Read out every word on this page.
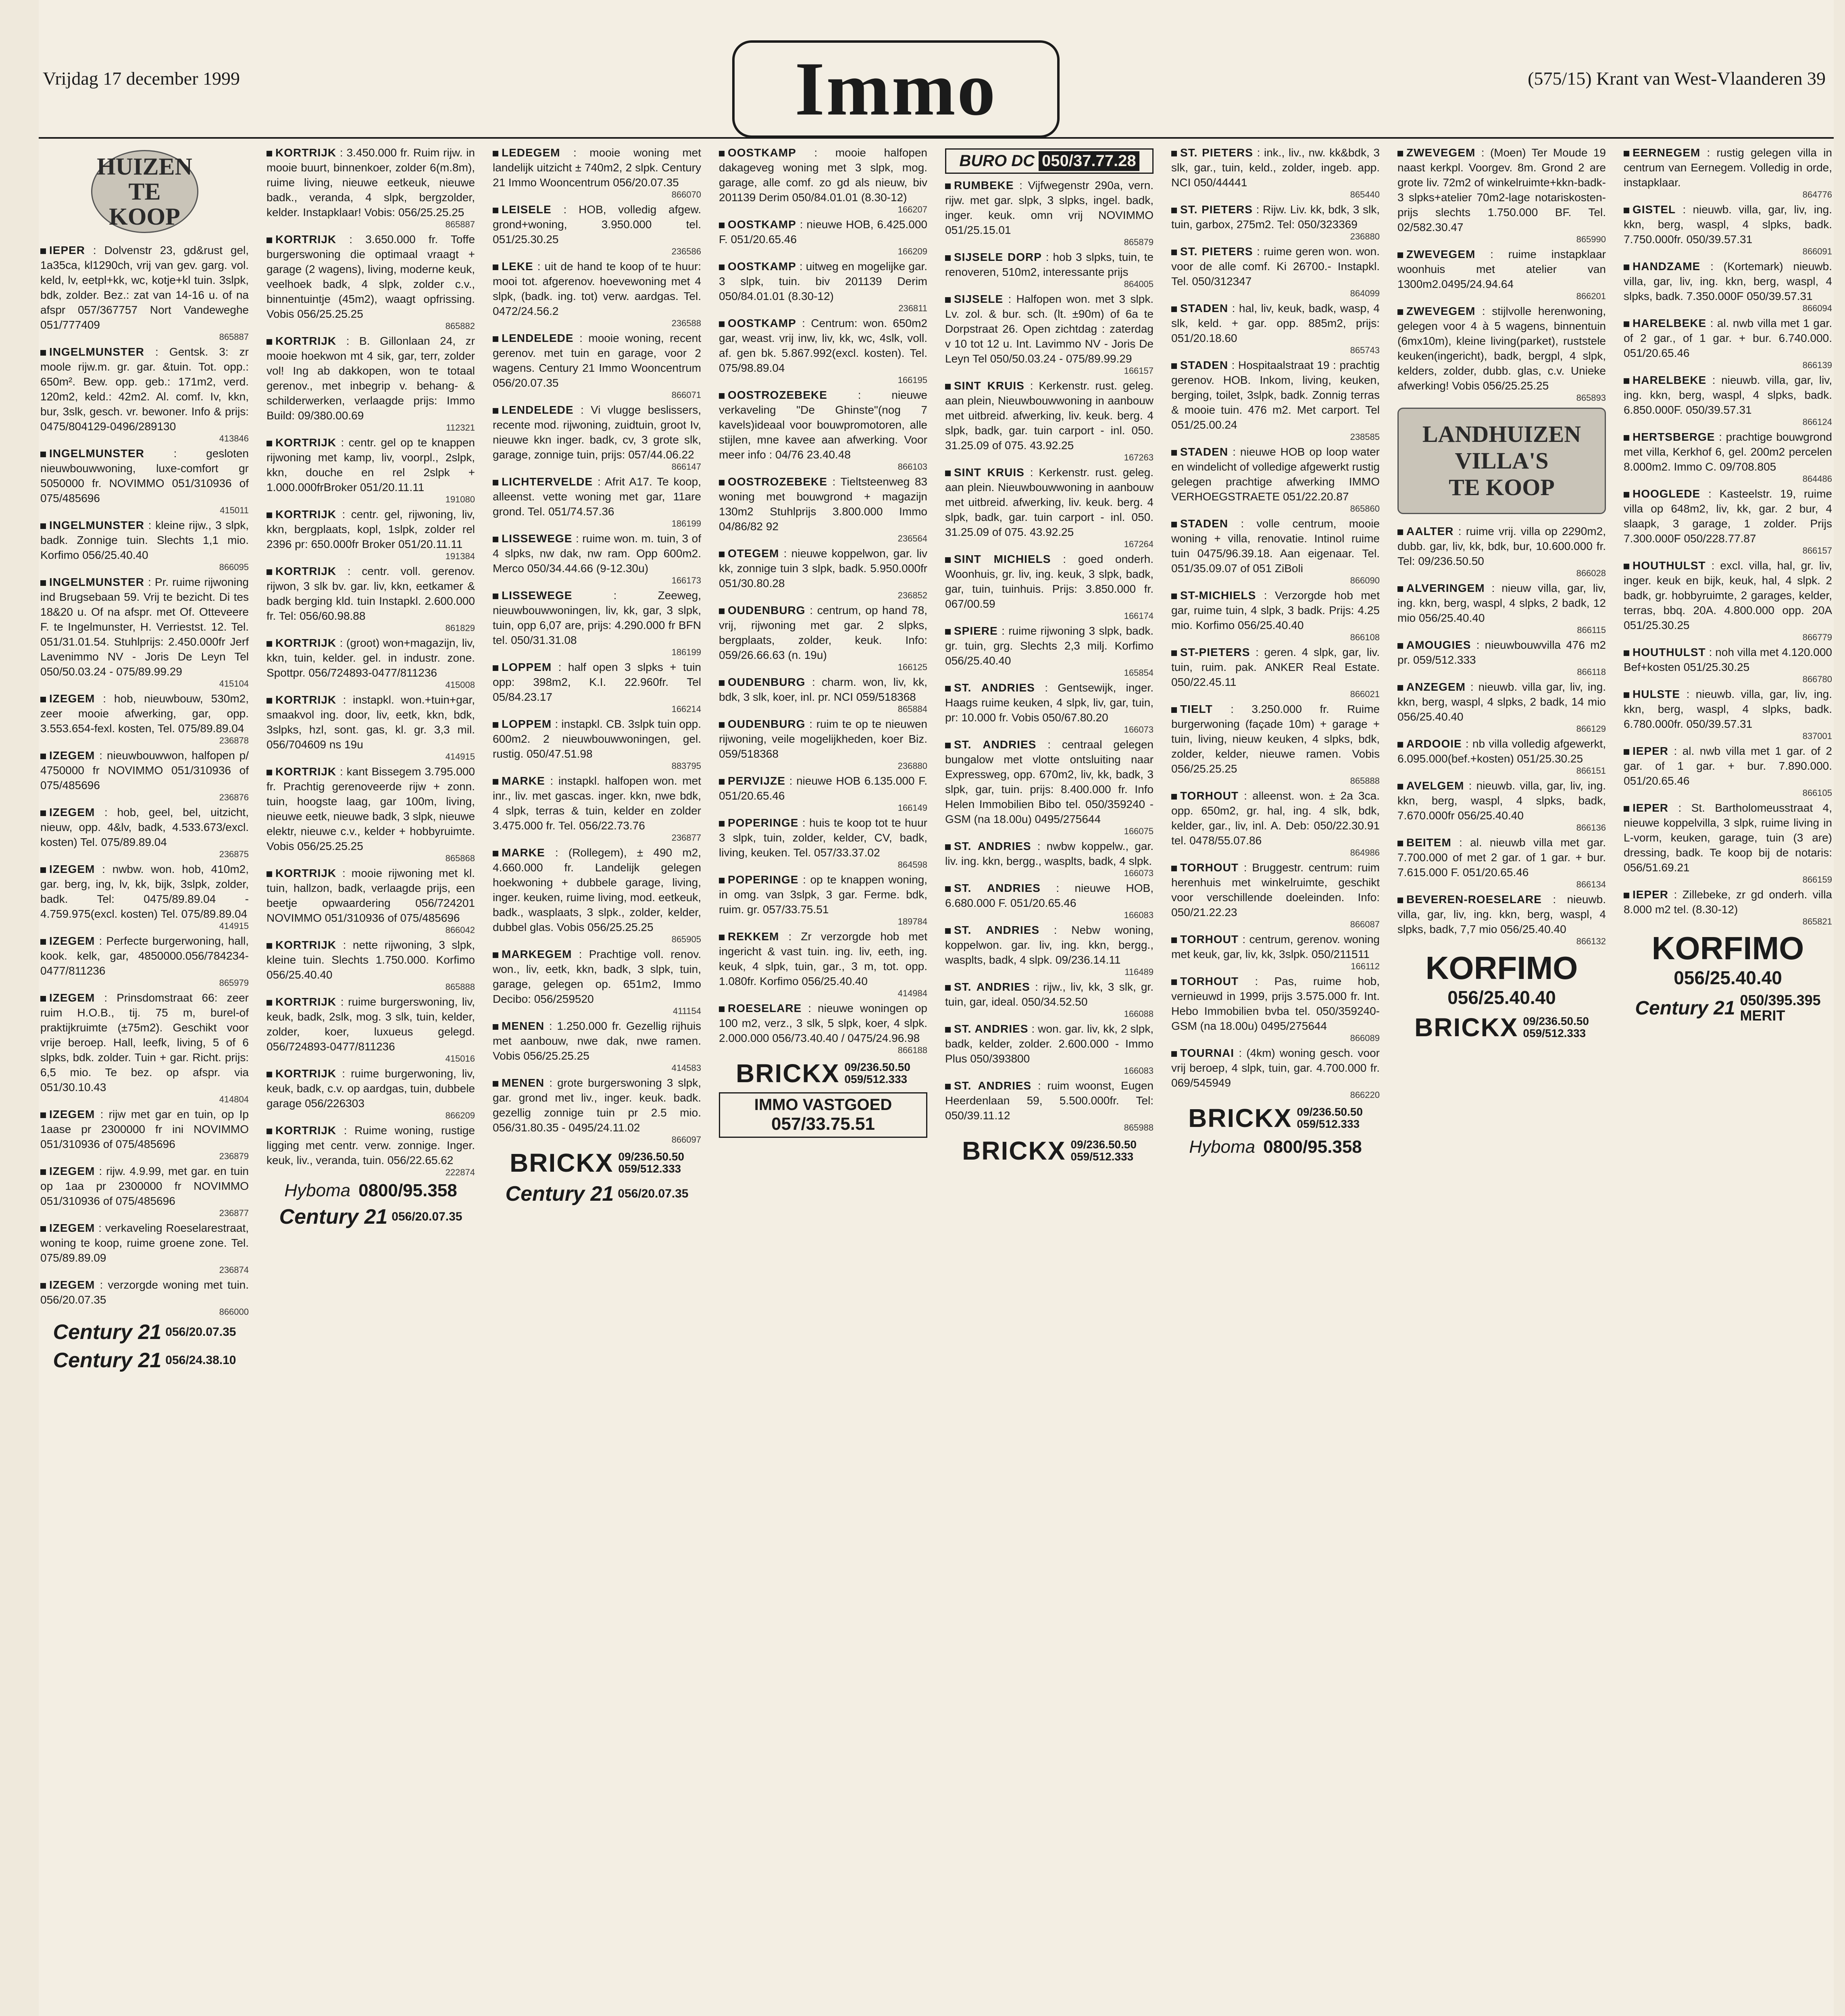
Vrijdag 17 december 1999	Immo	(575/15) Krant van West-Vlaanderen 39
HUIZEN
TE KOOP
IEPER : Dolvenstr 23, gd&rust gel, 1a35ca, kl1290ch, vrij van gev. garg. vol. keld, lv, eetpl+kk, wc, kotje+kl tuin. 3slpk, bdk, zolder. Bez.: zat van 14-16 u. of na afspr 057/367757 Nort Vandeweghe 051/777409
865887
INGELMUNSTER : Gentsk. 3: zr moole rijw.m. gr. gar. &tuin. Tot. opp.: 650m². Bew. opp. geb.: 171m2, verd. 120m2, keld.: 42m2. Al. comf. Iv, kkn, bur, 3slk, gesch. vr. bewoner. Info & prijs: 0475/804129-0496/289130
413846
INGELMUNSTER : gesloten nieuwbouwwoning, luxe-comfort gr 5050000 fr. NOVIMMO 051/310936 of 075/485696
415011
INGELMUNSTER : kleine rijw., 3 slpk, badk. Zonnige tuin. Slechts 1,1 mio. Korfimo 056/25.40.40
866095
INGELMUNSTER : Pr. ruime rijwoning ind Brugsebaan 59. Vrij te bezicht. Di tes 18&20 u. Of na afspr. met Of. Otteveere F. te Ingelmunster, H. Verriestst. 12. Tel. 051/31.01.54. Stuhlprijs: 2.450.000fr Jerf Lavenimmo NV - Joris De Leyn Tel 050/50.03.24 - 075/89.99.29
415104
IZEGEM : hob, nieuwbouw, 530m2, zeer mooie afwerking, gar, opp. 3.553.654-fexl. kosten, Tel. 075/89.89.04
236878
IZEGEM : nieuwbouwwon, halfopen p/ 4750000 fr NOVIMMO 051/310936 of 075/485696
236876
IZEGEM : hob, geel, bel, uitzicht, nieuw, opp. 4&lv, badk, 4.533.673/excl. kosten) Tel. 075/89.89.04
236875
IZEGEM : nwbw. won. hob, 410m2, gar. berg, ing, lv, kk, bijk, 3slpk, zolder, badk. Tel: 0475/89.89.04 - 4.759.975(excl. kosten) Tel. 075/89.89.04
414915
IZEGEM : Perfecte burgerwoning, hall, kook. kelk, gar, 4850000.056/784234-0477/811236
865979
IZEGEM : Prinsdomstraat 66: zeer ruim H.O.B., tij. 75 m, burel-of praktijkruimte (±75m2). Geschikt voor vrije beroep. Hall, leefk, living, 5 of 6 slpks, bdk. zolder. Tuin + gar. Richt. prijs: 6,5 mio. Te bez. op afspr. via 051/30.10.43
414804
IZEGEM : rijw met gar en tuin, op Ip 1aase pr 2300000 fr ini NOVIMMO 051/310936 of 075/485696
236879
IZEGEM : rijw. 4.9.99, met gar. en tuin op 1aa pr 2300000 fr NOVIMMO 051/310936 of 075/485696
236877
IZEGEM : verkaveling Roeselarestraat, woning te koop, ruime groene zone. Tel. 075/89.89.09
236874
IZEGEM : verzorgde woning met tuin. 056/20.07.35
866000
Century 21 056/20.07.35
Century 21 056/24.38.10
KORTRIJK : 3.450.000 fr. Ruim rijw. in mooie buurt, binnenkoer, zolder 6(m.8m), ruime living, nieuwe eetkeuk, nieuwe badk., veranda, 4 slpk, bergzolder, kelder. Instapklaar! Vobis: 056/25.25.25
865887
KORTRIJK : 3.650.000 fr. Toffe burgerswoning die optimaal vraagt + garage (2 wagens), living, moderne keuk, veelhoek badk, 4 slpk, zolder c.v., binnentuintje (45m2), waagt opfrissing. Vobis 056/25.25.25
865882
KORTRIJK : B. Gillonlaan 24, zr mooie hoekwon mt 4 sik, gar, terr, zolder vol! Ing ab dakkopen, won te totaal gerenov., met inbegrip v. behang- & schilderwerken, verlaagde prijs: Immo Build: 09/380.00.69
112321
KORTRIJK : centr. gel op te knappen rijwoning met kamp, liv, voorpl., 2slpk, kkn, douche en rel 2slpk + 1.000.000frBroker 051/20.11.11
191080
KORTRIJK : centr. gel, rijwoning, liv, kkn, bergplaats, kopl, 1slpk, zolder rel 2396 pr: 650.000fr Broker 051/20.11.11
191384
KORTRIJK : centr. voll. gerenov. rijwon, 3 slk bv. gar. liv, kkn, eetkamer & badk berging kld. tuin Instapkl. 2.600.000 fr. Tel: 056/60.98.88
861829
KORTRIJK : (groot) won+magazijn, liv, kkn, tuin, kelder. gel. in industr. zone. Spottpr. 056/724893-0477/811236
415008
KORTRIJK : instapkl. won.+tuin+gar, smaakvol ing. door, liv, eetk, kkn, bdk, 3slpks, hzl, sont. gas, kl. gr. 3,3 mil. 056/704609 ns 19u
414915
KORTRIJK : kant Bissegem 3.795.000 fr. Prachtig gerenoveerde rijw + zonn. tuin, hoogste laag, gar 100m, living, nieuwe eetk, nieuwe badk, 3 slpk, nieuwe elektr, nieuwe c.v., kelder + hobbyruimte. Vobis 056/25.25.25
865868
KORTRIJK : mooie rijwoning met kl. tuin, hallzon, badk, verlaagde prijs, een beetje opwaardering 056/724201 NOVIMMO 051/310936 of 075/485696
866042
KORTRIJK : nette rijwoning, 3 slpk, kleine tuin. Slechts 1.750.000. Korfimo 056/25.40.40
865888
KORTRIJK : ruime burgerswoning, liv, keuk, badk, 2slk, mog. 3 slk, tuin, kelder, zolder, koer, luxueus gelegd. 056/724893-0477/811236
415016
KORTRIJK : ruime burgerwoning, liv, keuk, badk, c.v. op aardgas, tuin, dubbele garage 056/226303
866209
KORTRIJK : Ruime woning, rustige ligging met centr. verw. zonnige. Inger. keuk, liv., veranda, tuin. 056/22.65.62
222874
Hyboma 0800/95.358
Century 21 056/20.07.35
LEDEGEM : mooie woning met landelijk uitzicht ± 740m2, 2 slpk. Century 21 Immo Wooncentrum 056/20.07.35
866070
LEISELE : HOB, volledig afgew. grond+woning, 3.950.000 tel. 051/25.30.25
236586
LEKE : uit de hand te koop of te huur: mooi tot. afgerenov. hoevewoning met 4 slpk, (badk. ing. tot) verw. aardgas. Tel. 0472/24.56.2
236588
LENDELEDE : mooie woning, recent gerenov. met tuin en garage, voor 2 wagens. Century 21 Immo Wooncentrum 056/20.07.35
866071
LENDELEDE : Vi vlugge beslissers, recente mod. rijwoning, zuidtuin, groot Iv, nieuwe kkn inger. badk, cv, 3 grote slk, garage, zonnige tuin, prijs: 057/44.06.22
866147
LICHTERVELDE : Afrit A17. Te koop, alleenst. vette woning met gar, 11are grond. Tel. 051/74.57.36
186199
LISSEWEGE : ruime won. m. tuin, 3 of 4 slpks, nw dak, nw ram. Opp 600m2. Merco 050/34.44.66 (9-12.30u)
166173
LISSEWEGE : Zeeweg, nieuwbouwwoningen, liv, kk, gar, 3 slpk, tuin, opp 6,07 are, prijs: 4.290.000 fr BFN tel. 050/31.31.08
186199
LOPPEM : half open 3 slpks + tuin opp: 398m2, K.I. 22.960fr. Tel 05/84.23.17
166214
LOPPEM : instapkl. CB. 3slpk tuin opp. 600m2. 2 nieuwbouwwoningen, gel. rustig. 050/47.51.98
883795
MARKE : instapkl. halfopen won. met inr., liv. met gascas. inger. kkn, nwe bdk, 4 slpk, terras & tuin, kelder en zolder 3.475.000 fr. Tel. 056/22.73.76
236877
MARKE : (Rollegem), ± 490 m2, 4.660.000 fr. Landelijk gelegen hoekwoning + dubbele garage, living, inger. keuken, ruime living, mod. eetkeuk, badk., wasplaats, 3 slpk., zolder, kelder, dubbel glas. Vobis 056/25.25.25
865905
MARKEGEM : Prachtige voll. renov. won., liv, eetk, kkn, badk, 3 slpk, tuin, garage, gelegen op. 651m2, Immo Decibo: 056/259520
411154
MENEN : 1.250.000 fr. Gezellig rijhuis met aanbouw, nwe dak, nwe ramen. Vobis 056/25.25.25
414583
MENEN : grote burgerswoning 3 slpk, gar. grond met liv., inger. keuk. badk. gezellig zonnige tuin pr 2.5 mio. 056/31.80.35 - 0495/24.11.02
866097
BRICKX 09/236.50.50
059/512.333
Century 21 056/20.07.35
OOSTKAMP : mooie halfopen dakageveg woning met 3 slpk, mog. garage, alle comf. zo gd als nieuw, biv 201139 Derim 050/84.01.01 (8.30-12)
166207
OOSTKAMP : nieuwe HOB, 6.425.000 F. 051/20.65.46
166209
OOSTKAMP : uitweg en mogelijke gar. 3 slpk, tuin. biv 201139 Derim 050/84.01.01 (8.30-12)
236811
OOSTKAMP : Centrum: won. 650m2 gar, weast. vrij inw, liv, kk, wc, 4slk, voll. af. gen bk. 5.867.992(excl. kosten). Tel. 075/98.89.04
166195
OOSTROZEBEKE : nieuwe verkaveling "De Ghinste"(nog 7 kavels)ideaal voor bouwpromotoren, alle stijlen, mne kavee aan afwerking. Voor meer info : 04/76 23.40.48
866103
OOSTROZEBEKE : Tieltsteenweg 83 woning met bouwgrond + magazijn 130m2 Stuhlprijs 3.800.000 Immo 04/86/82 92
236564
OTEGEM : nieuwe koppelwon, gar. liv kk, zonnige tuin 3 slpk, badk. 5.950.000fr 051/30.80.28
236852
OUDENBURG : centrum, op hand 78, vrij, rijwoning met gar. 2 slpks, bergplaats, zolder, keuk. Info: 059/26.66.63 (n. 19u)
166125
OUDENBURG : charm. won, liv, kk, bdk, 3 slk, koer, inl. pr. NCI 059/518368
865884
OUDENBURG : ruim te op te nieuwen rijwoning, veile mogelijkheden, koer Biz. 059/518368
236880
PERVIJZE : nieuwe HOB 6.135.000 F. 051/20.65.46
166149
POPERINGE : huis te koop tot te huur 3 slpk, tuin, zolder, kelder, CV, badk, living, keuken. Tel. 057/33.37.02
864598
POPERINGE : op te knappen woning, in omg. van 3slpk, 3 gar. Ferme. bdk, ruim. gr. 057/33.75.51
189784
REKKEM : Zr verzorgde hob met ingericht & vast tuin. ing. liv, eeth, ing. keuk, 4 slpk, tuin, gar., 3 m, tot. opp. 1.080fr. Korfimo 056/25.40.40
414984
ROESELARE : nieuwe woningen op 100 m2, verz., 3 slk, 5 slpk, koer, 4 slpk. 2.000.000 056/73.40.40 / 0475/24.96.98
866188
BRICKX 09/236.50.50
059/512.333
IMMO VASTGOED
057/33.75.51
BURO DC 050/37.77.28
RUMBEKE : Vijfwegenstr 290a, vern. rijw. met gar. slpk, 3 slpks, ingel. badk, inger. keuk. omn vrij NOVIMMO 051/25.15.01
865879
SIJSELE DORP : hob 3 slpks, tuin, te renoveren, 510m2, interessante prijs
864005
SIJSELE : Halfopen won. met 3 slpk. Lv. zol. & bur. sch. (lt. ±90m) of 6a te Dorpstraat 26. Open zichtdag : zaterdag v 10 tot 12 u. Int. Lavimmo NV - Joris De Leyn Tel 050/50.03.24 - 075/89.99.29
166157
SINT KRUIS : Kerkenstr. rust. geleg. aan plein, Nieuwbouwwoning in aanbouw met uitbreid. afwerking, liv. keuk. berg. 4 slpk, badk, gar. tuin carport - inl. 050. 31.25.09 of 075. 43.92.25
167263
SINT KRUIS : Kerkenstr. rust. geleg. aan plein. Nieuwbouwwoning in aanbouw met uitbreid. afwerking, liv. keuk. berg. 4 slpk, badk, gar. tuin carport - inl. 050. 31.25.09 of 075. 43.92.25
167264
SINT MICHIELS : goed onderh. Woonhuis, gr. liv, ing. keuk, 3 slpk, badk, gar, tuin, tuinhuis. Prijs: 3.850.000 fr. 067/00.59
166174
SPIERE : ruime rijwoning 3 slpk, badk. gr. tuin, grg. Slechts 2,3 milj. Korfimo 056/25.40.40
165854
ST. ANDRIES : Gentsewijk, inger. Haags ruime keuken, 4 slpk, liv, gar, tuin, pr: 10.000 fr. Vobis 050/67.80.20
166073
ST. ANDRIES : centraal gelegen bungalow met vlotte ontsluiting naar Expressweg, opp. 670m2, liv, kk, badk, 3 slpk, gar, tuin. prijs: 8.400.000 fr. Info Helen Immobilien Bibo tel. 050/359240 - GSM (na 18.00u) 0495/275644
166075
ST. ANDRIES : nwbw koppelw., gar. liv. ing. kkn, bergg., wasplts, badk, 4 slpk.
166073
ST. ANDRIES : nieuwe HOB, 6.680.000 F. 051/20.65.46
166083
ST. ANDRIES : Nebw woning, koppelwon. gar. liv, ing. kkn, bergg., wasplts, badk, 4 slpk. 09/236.14.11
116489
ST. ANDRIES : rijw., liv, kk, 3 slk, gr. tuin, gar, ideal. 050/34.52.50
166088
ST. ANDRIES : won. gar. liv, kk, 2 slpk, badk, kelder, zolder. 2.600.000 - Immo Plus 050/393800
166083
ST. ANDRIES : ruim woonst, Eugen Heerdenlaan 59, 5.500.000fr. Tel: 050/39.11.12
865988
BRICKX 09/236.50.50
059/512.333
ST. PIETERS : ink., liv., nw. kk&bdk, 3 slk, gar., tuin, keld., zolder, ingeb. app. NCI 050/44441
865440
ST. PIETERS : Rijw. Liv. kk, bdk, 3 slk, tuin, garbox, 275m2. Tel: 050/323369
236880
ST. PIETERS : ruime geren won. won. voor de alle comf. Ki 26700.- Instapkl. Tel. 050/312347
864099
STADEN : hal, liv, keuk, badk, wasp, 4 slk, keld. + gar. opp. 885m2, prijs: 051/20.18.60
865743
STADEN : Hospitaalstraat 19 : prachtig gerenov. HOB. Inkom, living, keuken, berging, toilet, 3slpk, badk. Zonnig terras & mooie tuin. 476 m2. Met carport. Tel 051/25.00.24
238585
STADEN : nieuwe HOB op loop water en windelicht of volledige afgewerkt rustig gelegen prachtige afwerking IMMO VERHOEGSTRAETE 051/22.20.87
865860
STADEN : volle centrum, mooie woning + villa, renovatie. Intinol ruime tuin 0475/96.39.18. Aan eigenaar. Tel. 051/35.09.07 of 051 ZiBoli
866090
ST-MICHIELS : Verzorgde hob met gar, ruime tuin, 4 slpk, 3 badk. Prijs: 4.25 mio. Korfimo 056/25.40.40
866108
ST-PIETERS : geren. 4 slpk, gar, liv. tuin, ruim. pak. ANKER Real Estate. 050/22.45.11
866021
TIELT : 3.250.000 fr. Ruime burgerwoning (façade 10m) + garage + tuin, living, nieuw keuken, 4 slpks, bdk, zolder, kelder, nieuwe ramen. Vobis 056/25.25.25
865888
TORHOUT : alleenst. won. ± 2a 3ca. opp. 650m2, gr. hal, ing. 4 slk, bdk, kelder, gar., liv, inl. A. Deb: 050/22.30.91 tel. 0478/55.07.86
864986
TORHOUT : Bruggestr. centrum: ruim herenhuis met winkelruimte, geschikt voor verschillende doeleinden. Info: 050/21.22.23
866087
TORHOUT : centrum, gerenov. woning met keuk, gar, liv, kk, 3slpk. 050/211511
166112
TORHOUT : Pas, ruime hob, vernieuwd in 1999, prijs 3.575.000 fr. Int. Hebo Immobilien bvba tel. 050/359240-GSM (na 18.00u) 0495/275644
866089
TOURNAI : (4km) woning gesch. voor vrij beroep, 4 slpk, tuin, gar. 4.700.000 fr. 069/545949
866220
BRICKX 09/236.50.50
059/512.333
Hyboma 0800/95.358
ZWEVEGEM : (Moen) Ter Moude 19 naast kerkpl. Voorgev. 8m. Grond 2 are grote liv. 72m2 of winkelruimte+kkn-badk-3 slpks+atelier 70m2-lage notariskosten-prijs slechts 1.750.000 BF. Tel. 02/582.30.47
865990
ZWEVEGEM : ruime instapklaar woonhuis met atelier van 1300m2.0495/24.94.64
866201
ZWEVEGEM : stijlvolle herenwoning, gelegen voor 4 à 5 wagens, binnentuin (6mx10m), kleine living(parket), ruststele keuken(ingericht), badk, bergpl, 4 slpk, kelders, zolder, dubb. glas, c.v. Unieke afwerking! Vobis 056/25.25.25
865893
LANDHUIZEN
VILLA'S
TE KOOP
AALTER : ruime vrij. villa op 2290m2, dubb. gar, liv, kk, bdk, bur, 10.600.000 fr. Tel: 09/236.50.50
866028
ALVERINGEM : nieuw villa, gar, liv, ing. kkn, berg, waspl, 4 slpks, 2 badk, 12 mio 056/25.40.40
866115
AMOUGIES : nieuwbouwvilla 476 m2 pr. 059/512.333
866118
ANZEGEM : nieuwb. villa gar, liv, ing. kkn, berg, waspl, 4 slpks, 2 badk, 14 mio 056/25.40.40
866129
ARDOOIE : nb villa volledig afgewerkt, 6.095.000(bef.+kosten) 051/25.30.25
866151
AVELGEM : nieuwb. villa, gar, liv, ing. kkn, berg, waspl, 4 slpks, badk, 7.670.000fr 056/25.40.40
866136
BEITEM : al. nieuwb villa met gar. 7.700.000 of met 2 gar. of 1 gar. + bur. 7.615.000 F. 051/20.65.46
866134
BEVEREN-ROESELARE : nieuwb. villa, gar, liv, ing. kkn, berg, waspl, 4 slpks, badk, 7,7 mio 056/25.40.40
866132
KORFIMO
056/25.40.40
BRICKX 09/236.50.50
059/512.333
EERNEGEM : rustig gelegen villa in centrum van Eernegem. Volledig in orde, instapklaar.
864776
GISTEL : nieuwb. villa, gar, liv, ing. kkn, berg, waspl, 4 slpks, badk. 7.750.000fr. 050/39.57.31
866091
HANDZAME : (Kortemark) nieuwb. villa, gar, liv, ing. kkn, berg, waspl, 4 slpks, badk. 7.350.000F 050/39.57.31
866094
HARELBEKE : al. nwb villa met 1 gar. of 2 gar., of 1 gar. + bur. 6.740.000. 051/20.65.46
866139
HARELBEKE : nieuwb. villa, gar, liv, ing. kkn, berg, waspl, 4 slpks, badk. 6.850.000F. 050/39.57.31
866124
HERTSBERGE : prachtige bouwgrond met villa, Kerkhof 6, gel. 200m2 percelen 8.000m2. Immo C. 09/708.805
864486
HOOGLEDE : Kasteelstr. 19, ruime villa op 648m2, liv, kk, gar. 2 bur, 4 slaapk, 3 garage, 1 zolder. Prijs 7.300.000F 050/228.77.87
866157
HOUTHULST : excl. villa, hal, gr. liv, inger. keuk en bijk, keuk, hal, 4 slpk. 2 badk, gr. hobbyruimte, 2 garages, kelder, terras, bbq. 20A. 4.800.000 opp. 20A 051/25.30.25
866779
HOUTHULST : noh villa met 4.120.000 Bef+kosten 051/25.30.25
866780
HULSTE : nieuwb. villa, gar, liv, ing. kkn, berg, waspl, 4 slpks, badk. 6.780.000fr. 050/39.57.31
837001
IEPER : al. nwb villa met 1 gar. of 2 gar. of 1 gar. + bur. 7.890.000. 051/20.65.46
866105
IEPER : St. Bartholomeusstraat 4, nieuwe koppelvilla, 3 slpk, ruime living in L-vorm, keuken, garage, tuin (3 are) dressing, badk. Te koop bij de notaris: 056/51.69.21
866159
IEPER : Zillebeke, zr gd onderh. villa 8.000 m2 tel. (8.30-12)
865821
KORFIMO
056/25.40.40
Century 21 050/395.395
MERIT
